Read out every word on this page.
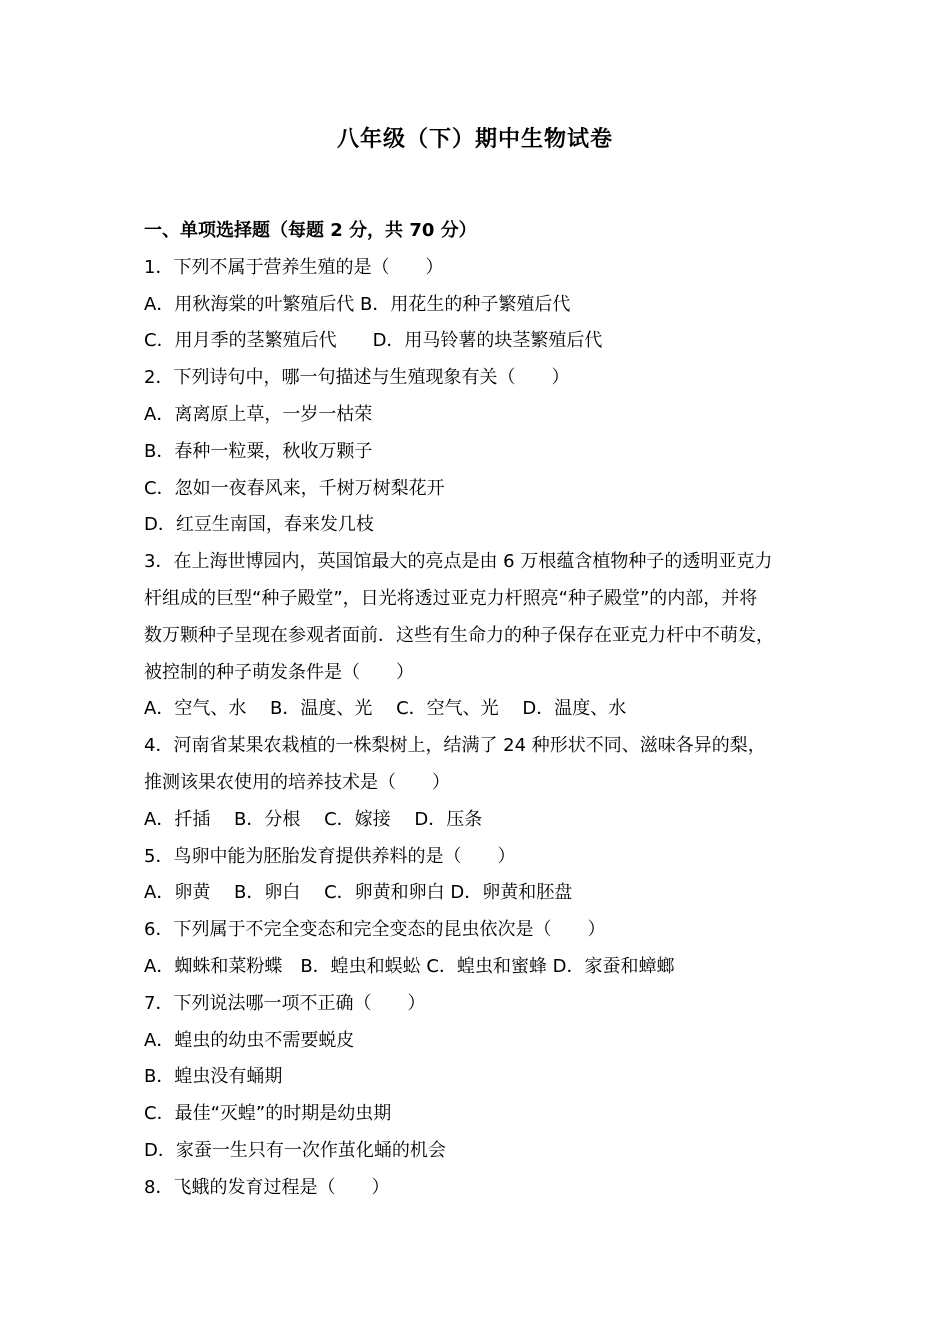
八年级（下）期中生物试卷
一、单项选择题（每题 2 分，共 70 分）
1．下列不属于营养生殖的是（　　）
A．用秋海棠的叶繁殖后代 B．用花生的种子繁殖后代
C．用月季的茎繁殖后代　　D．用马铃薯的块茎繁殖后代
2．下列诗句中，哪一句描述与生殖现象有关（　　）
A．离离原上草，一岁一枯荣
B．春种一粒粟，秋收万颗子
C．忽如一夜春风来，千树万树梨花开
D．红豆生南国，春来发几枝
3．在上海世博园内，英国馆最大的亮点是由 6 万根蕴含植物种子的透明亚克力
杆组成的巨型“种子殿堂”，日光将透过亚克力杆照亮“种子殿堂”的内部，并将
数万颗种子呈现在参观者面前．这些有生命力的种子保存在亚克力杆中不萌发，
被控制的种子萌发条件是（　　）
A．空气、水　 B．温度、光　 C．空气、光　 D．温度、水
4．河南省某果农栽植的一株梨树上，结满了 24 种形状不同、滋味各异的梨，
推测该果农使用的培养技术是（　　）
A．扦插　 B．分根　 C．嫁接　 D．压条
5．鸟卵中能为胚胎发育提供养料的是（　　）
A．卵黄　 B．卵白　 C．卵黄和卵白 D．卵黄和胚盘
6．下列属于不完全变态和完全变态的昆虫依次是（　　）
A．蜘蛛和菜粉蝶　B．蝗虫和蜈蚣 C．蝗虫和蜜蜂 D．家蚕和蟑螂
7．下列说法哪一项不正确（　　）
A．蝗虫的幼虫不需要蜕皮
B．蝗虫没有蛹期
C．最佳“灭蝗”的时期是幼虫期
D．家蚕一生只有一次作茧化蛹的机会
8．飞蛾的发育过程是（　　）
